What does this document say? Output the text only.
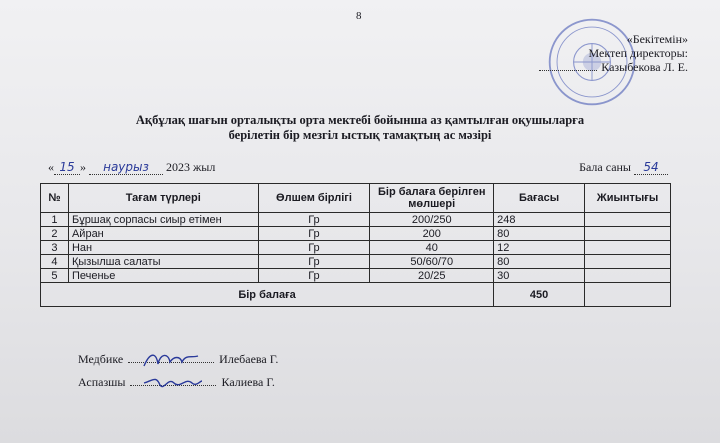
8
«Бекітемін»
Мектеп директоры:
Казыбекова Л. Е.
Ақбұлақ шағын орталықты орта мектебі бойынша аз қамтылған оқушыларға
берілетін бір мезгіл ыстық тамақтың ас мәзірі
« 15 » наурыз 2023 жыл	Бала саны 54
№	Тағам түрлері	Өлшем бірлігі	Бір балаға берілген мөлшері	Бағасы	Жиынтығы
1	Бұршақ сорпасы сиыр етімен	Гр	200/250	248	
2	Айран	Гр	200	80	
3	Нан	Гр	40	12	
4	Қызылша салаты	Гр	50/60/70	80	
5	Печенье	Гр	20/25	30	
Бір балаға				450	
Медбике	Илебаева Г.
Аспазшы	Калиева Г.
